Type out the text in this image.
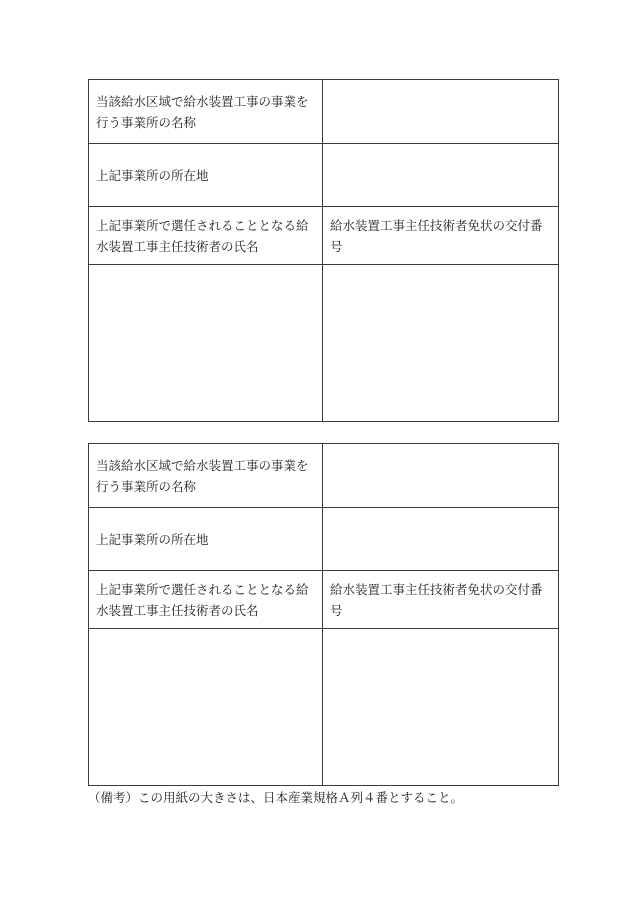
当該給水区域で給水装置工事の事業を行う事業所の名称	
上記事業所の所在地	
上記事業所で選任されることとなる給水装置工事主任技術者の氏名	給水装置工事主任技術者免状の交付番号

当該給水区域で給水装置工事の事業を行う事業所の名称	
上記事業所の所在地	
上記事業所で選任されることとなる給水装置工事主任技術者の氏名	給水装置工事主任技術者免状の交付番号

（備考）この用紙の大きさは、日本産業規格Ａ列４番とすること。
